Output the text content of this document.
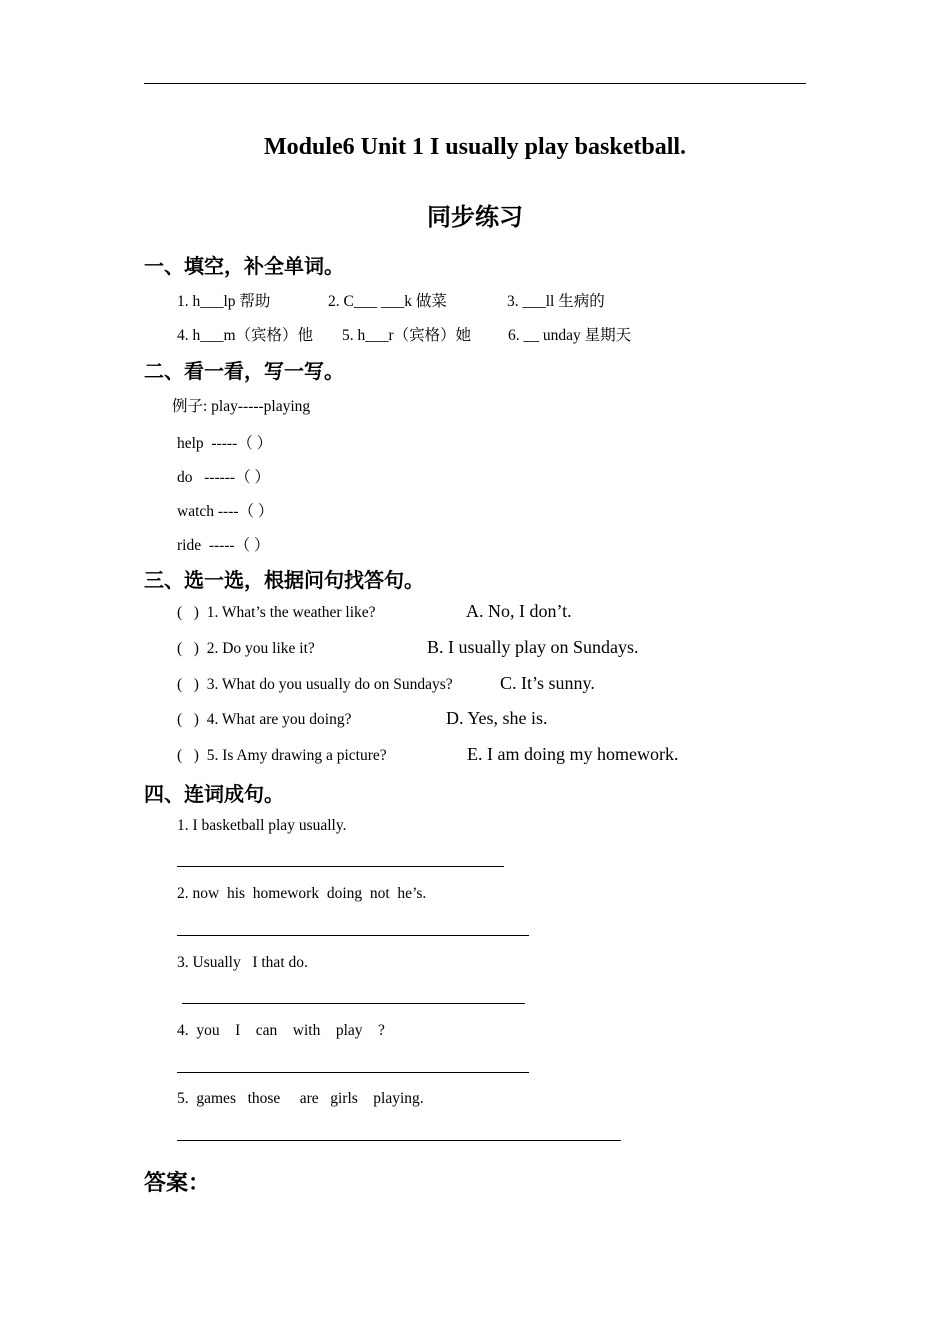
Module6 Unit 1 I usually play basketball.
同步练习
一、填空，补全单词。
1. h___lp 帮助	2. C___ ___k 做菜	3. ___ll 生病的
4. h___m（宾格）他 5. h___r（宾格）她 6. __ unday 星期天
二、看一看，写一写。
例子: play-----playing
help  -----（ ）
do   ------（ ）
watch ----（ ）
ride  -----（ ）
三、选一选，根据问句找答句。
(   )  1. What’s the weather like?	A. No, I don’t.
(   )  2. Do you like it?	B. I usually play on Sundays.
(   )  3. What do you usually do on Sundays?	C. It’s sunny.
(   )  4. What are you doing?	D. Yes, she is.
(   )  5. Is Amy drawing a picture?	E. I am doing my homework.
四、连词成句。
1. I basketball play usually.
2. now  his  homework  doing  not  he’s.
3. Usually   I that do.
4.  you    I    can    with    play    ?
5.  games   those     are   girls    playing.
答案：
